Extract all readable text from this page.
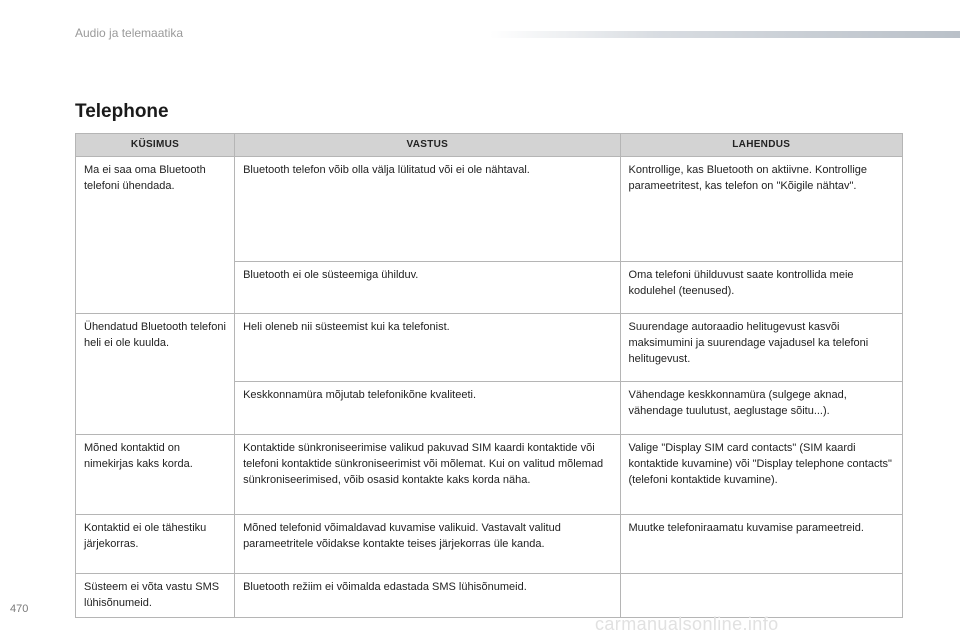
Audio ja telemaatika
Telephone
KÜSIMUS	VASTUS	LAHENDUS
Ma ei saa oma Bluetooth telefoni ühendada.	Bluetooth telefon võib olla välja lülitatud või ei ole nähtaval.	Kontrollige, kas Bluetooth on aktiivne. Kontrollige parameetritest, kas telefon on "Kõigile nähtav".
	Bluetooth ei ole süsteemiga ühilduv.	Oma telefoni ühilduvust saate kontrollida meie kodulehel (teenused).
Ühendatud Bluetooth telefoni heli ei ole kuulda.	Heli oleneb nii süsteemist kui ka telefonist.	Suurendage autoraadio helitugevust kasvõi maksimumini ja suurendage vajadusel ka telefoni helitugevust.
	Keskkonnamüra mõjutab telefonikõne kvaliteeti.	Vähendage keskkonnamüra (sulgege aknad, vähendage tuulutust, aeglustage sõitu...).
Mõned kontaktid on nimekirjas kaks korda.	Kontaktide sünkroniseerimise valikud pakuvad SIM kaardi kontaktide või telefoni kontaktide sünkroniseerimist või mõlemat. Kui on valitud mõlemad sünkroniseerimised, võib osasid kontakte kaks korda näha.	Valige "Display SIM card contacts" (SIM kaardi kontaktide kuvamine) või "Display telephone contacts" (telefoni kontaktide kuvamine).
Kontaktid ei ole tähestiku järjekorras.	Mõned telefonid võimaldavad kuvamise valikuid. Vastavalt valitud parameetritele võidakse kontakte teises järjekorras üle kanda.	Muutke telefoniraamatu kuvamise parameetreid.
Süsteem ei võta vastu SMS lühisõnumeid.	Bluetooth režiim ei võimalda edastada SMS lühisõnumeid.	
470
carmanualsonline.info
